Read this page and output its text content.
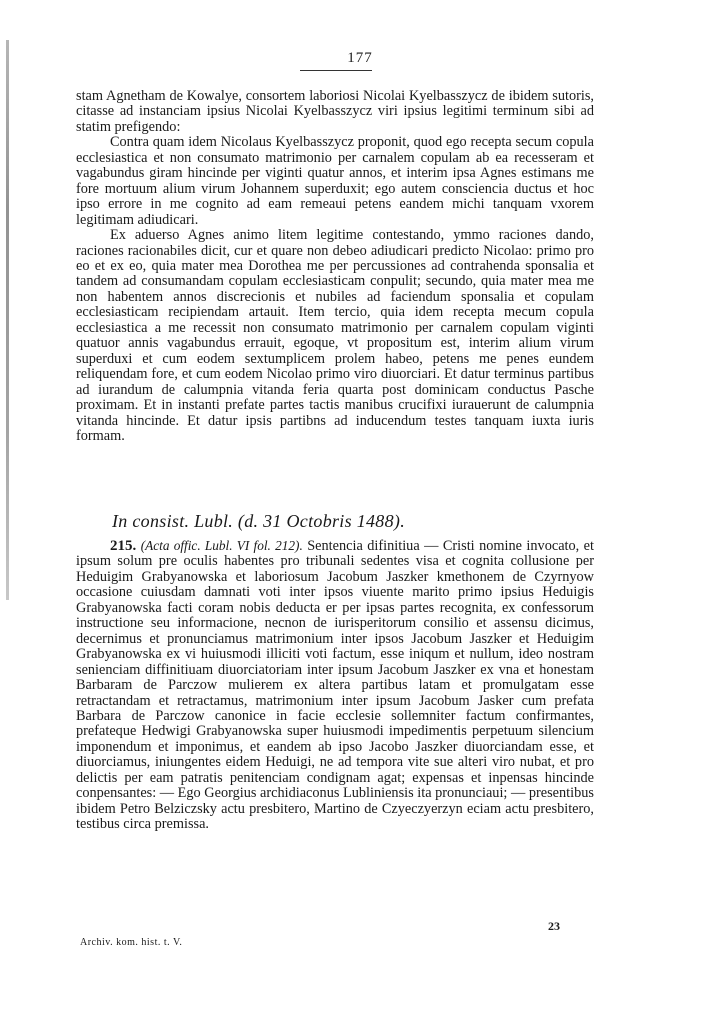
177

stam Agnetham de Kowalye, consortem laboriosi Nicolai Kyelbasszycz de ibidem sutoris, citasse ad instanciam ipsius Nicolai Kyelbasszycz viri ipsius legitimi terminum sibi ad statim prefigendo:

Contra quam idem Nicolaus Kyelbasszycz proponit, quod ego recepta secum copula ecclesiastica et non consumato matrimonio per carnalem copulam ab ea recesseram et vagabundus giram hincinde per viginti quatur annos, et interim ipsa Agnes estimans me fore mortuum alium virum Johannem superduxit; ego autem consciencia ductus et hoc ipso errore in me cognito ad eam remeaui petens eandem michi tanquam vxorem legitimam adiudicari.

Ex aduerso Agnes animo litem legitime contestando, ymmo raciones dando, raciones racionabiles dicit, cur et quare non debeo adiudicari predicto Nicolao: primo pro eo et ex eo, quia mater mea Dorothea me per percussiones ad contrahenda sponsalia et tandem ad consumandam copulam ecclesiasticam conpulit; secundo, quia mater mea me non habentem annos discrecionis et nubiles ad faciendum sponsalia et copulam ecclesiasticam recipiendam artauit. Item tercio, quia idem recepta mecum copula ecclesiastica a me recessit non consumato matrimonio per carnalem copulam viginti quatuor annis vagabundus errauit, egoque, vt propositum est, interim alium virum superduxi et cum eodem sextumplicem prolem habeo, petens me penes eundem reliquendam fore, et cum eodem Nicolao primo viro diuorciari. Et datur terminus partibus ad iurandum de calumpnia vitanda feria quarta post dominicam conductus Pasche proximam. Et in instanti prefate partes tactis manibus crucifixi iurauerunt de calumpnia vitanda hincinde. Et datur ipsis partibns ad inducendum testes tanquam iuxta iuris formam.

In consist. Lubl. (d. 31 Octobris 1488).

215. (Acta offic. Lubl. VI fol. 212). Sentencia difinitiua — Cristi nomine invocato, et ipsum solum pre oculis habentes pro tribunali sedentes visa et cognita collusione per Heduigim Grabyanowska et laboriosum Jacobum Jaszker kmethonem de Czyrnyow occasione cuiusdam damnati voti inter ipsos viuente marito primo ipsius Heduigis Grabyanowska facti coram nobis deducta er per ipsas partes recognita, ex confessorum instructione seu informacione, necnon de iurisperitorum consilio et assensu dicimus, decernimus et pronunciamus matrimonium inter ipsos Jacobum Jaszker et Heduigim Grabyanowska ex vi huiusmodi illiciti voti factum, esse iniqum et nullum, ideo nostram senienciam diffinitiuam diuorciatoriam inter ipsum Jacobum Jaszker ex vna et honestam Barbaram de Parczow mulierem ex altera partibus latam et promulgatam esse retractandam et retractamus, matrimonium inter ipsum Jacobum Jasker cum prefata Barbara de Parczow canonice in facie ecclesie sollemniter factum confirmantes, prefateque Hedwigi Grabyanowska super huiusmodi impedimentis perpetuum silencium imponendum et imponimus, et eandem ab ipso Jacobo Jaszker diuorciandam esse, et diuorciamus, iniungentes eidem Heduigi, ne ad tempora vite sue alteri viro nubat, et pro delictis per eam patratis penitenciam condignam agat; expensas et inpensas hincinde conpensantes: — Ego Georgius archidiaconus Lubliniensis ita pronunciaui; — presentibus ibidem Petro Belziczsky actu presbitero, Martino de Czyeczyerzyn eciam actu presbitero, testibus circa premissa.

Archiv. kom. hist. t. V.
23
